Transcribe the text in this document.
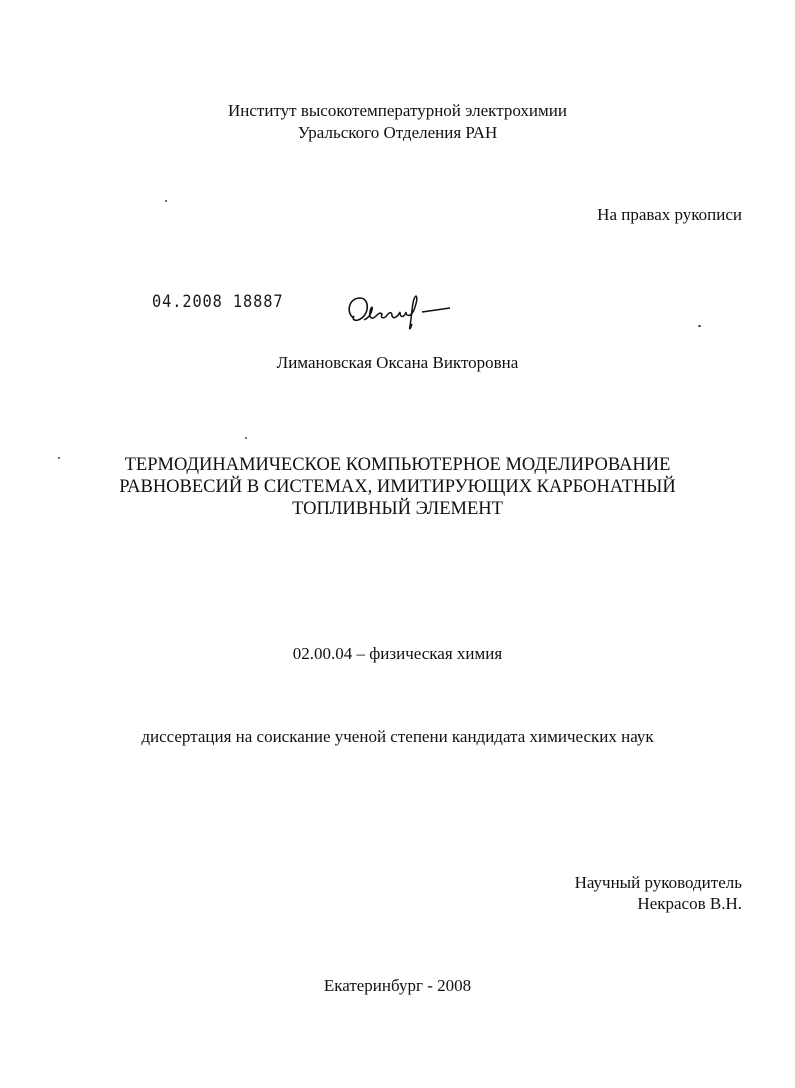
Институт высокотемпературной электрохимии
Уральского Отделения РАН
На правах рукописи
04.2008 18887
Лимановская Оксана Викторовна
ТЕРМОДИНАМИЧЕСКОЕ КОМПЬЮТЕРНОЕ МОДЕЛИРОВАНИЕ
РАВНОВЕСИЙ В СИСТЕМАХ, ИМИТИРУЮЩИХ КАРБОНАТНЫЙ
ТОПЛИВНЫЙ ЭЛЕМЕНТ
02.00.04 – физическая химия
диссертация на соискание ученой степени кандидата химических наук
Научный руководитель
Некрасов В.Н.
Екатеринбург - 2008
